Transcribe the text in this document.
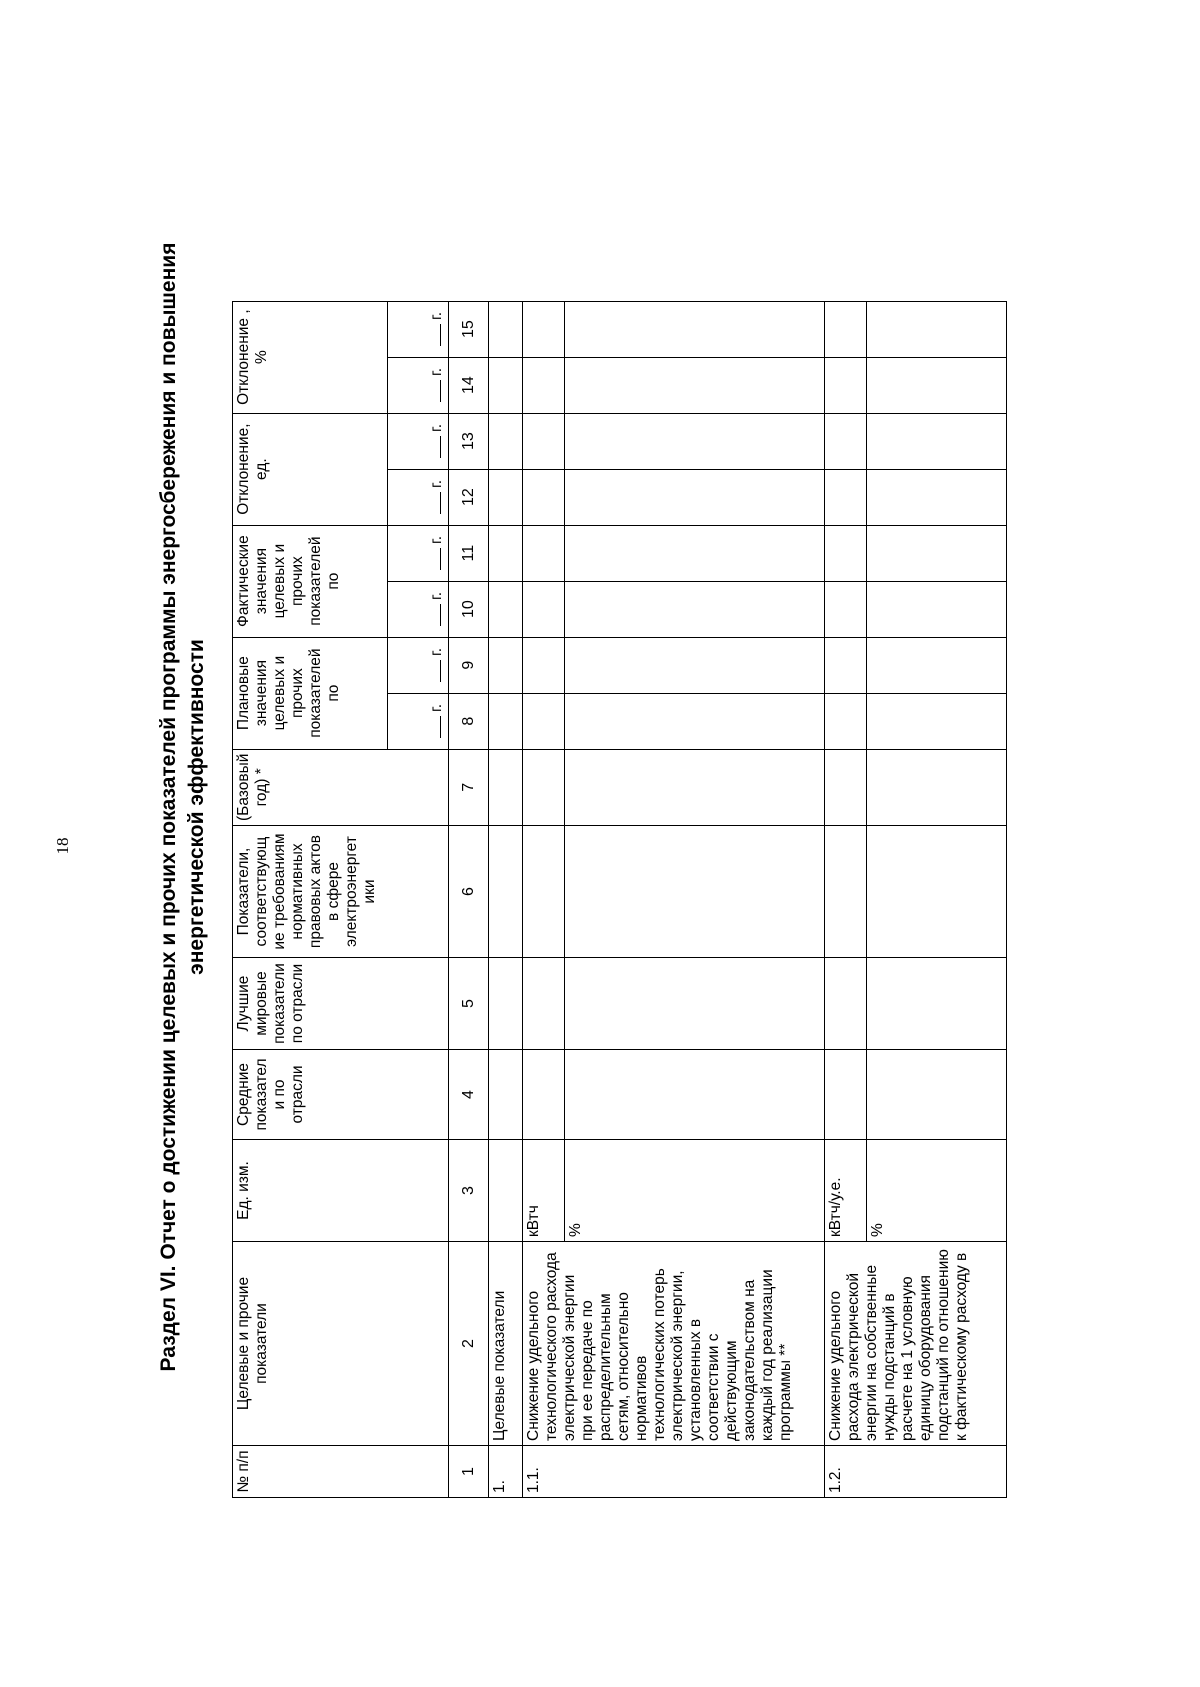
18	Раздел VI. Отчет о достижении целевых и прочих показателей программы энергосбережения и повышения энергетической эффективности
№ п/п	Целевые и прочие показатели	Ед. изм.	Средние показател и по отрасли	Лучшие мировые показатели по отрасли	Показатели, соответствующ ие требованиям нормативных правовых актов в сфере электроэнергет ики	(Базовый год) *	Плановые значения целевых и прочих показателей по		Фактические значения целевых и прочих показателей по		Отклонение, ед.		Отклонение , %	
							г.	г.	г.	г.	г.	г.	г.	г.
1	2	3	4	5	6	7	8	9	10	11	12	13	14	15
1.	Целевые показатели													
1.1.	Снижение удельного технологического расхода электрической энергии при ее передаче по распределительным сетям, относительно нормативов технологических потерь электрической энергии, установленных в соответствии с действующим законодательством на каждый год реализации программы **	кВтч												
		%												
1.2.	Снижение удельного расхода электрической энергии на собственные нужды подстанций в расчете на 1 условную единицу оборудования подстанций по отношению к фактическому расходу в	кВтч/у.е.												
		%												
